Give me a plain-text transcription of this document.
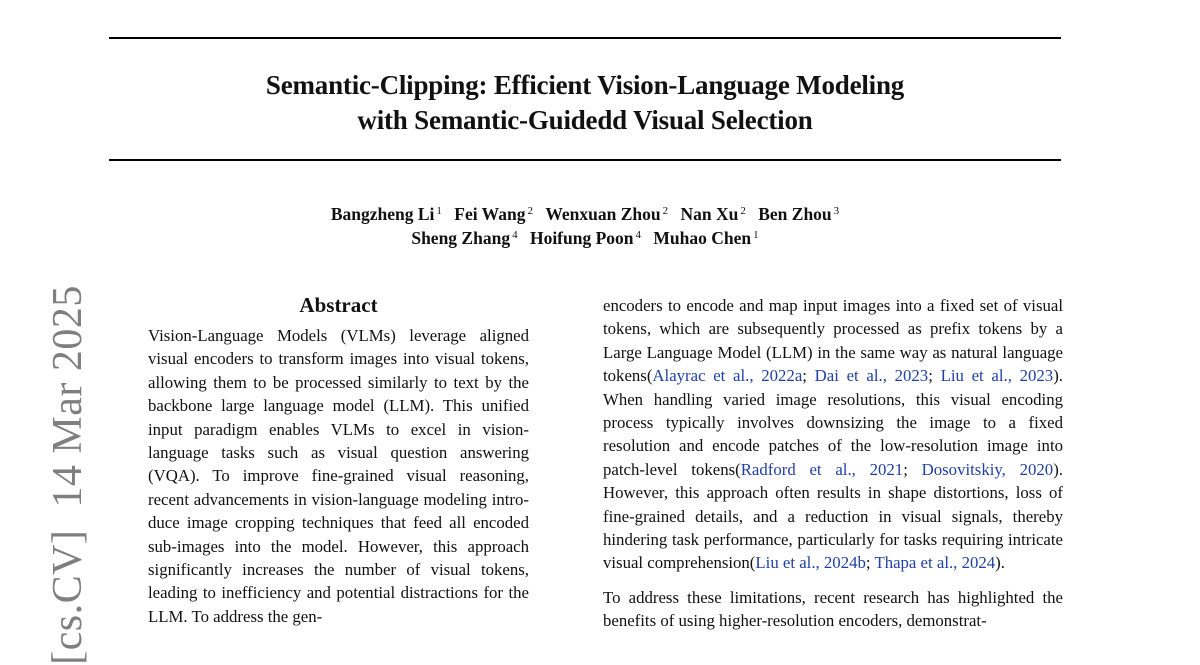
Semantic-Clipping: Efficient Vision-Language Modeling
with Semantic-Guidedd Visual Selection
Bangzheng Li $^1$ Fei Wang $^2$ Wenxuan Zhou $^2$ Nan Xu $^2$ Ben Zhou $^3$
Sheng Zhang $^4$ Hoifung Poon $^4$ Muhao Chen $^1$
[cs.CV]14 Mar 2025	Abstract
Vision-Language Models (VLMs) leverage aligned visual encoders to transform images into visual tokens, allowing them to be processed similarly to text by the backbone large language model (LLM). This unified input paradigm enables VLMs to excel in vision-language tasks such as visual question answering (VQA). To improve fine-grained visual reasoning, recent advancements in vision-language modeling introduce image cropping techniques that feed all encoded sub-images into the model. However, this approach significantly increases the number of visual tokens, leading to inefficiency and potential distractions for the LLM. To address the gen-

encoders to encode and map input images into a fixed set of visual tokens, which are subsequently processed as prefix tokens by a Large Language Model (LLM) in the same way as natural language tokens(Alayrac et al., 2022a; Dai et al., 2023; Liu et al., 2023). When handling varied image resolutions, this visual encoding process typically involves downsizing the image to a fixed resolution and encode patches of the low-resolution image into patch-level tokens(Radford et al., 2021; Dosovitskiy, 2020). However, this approach often results in shape distortions, loss of fine-grained details, and a reduction in visual signals, thereby hindering task performance, particularly for tasks requiring intricate visual comprehension(Liu et al., 2024b; Thapa et al., 2024).

To address these limitations, recent research has highlighted the benefits of using higher-resolution encoders, demonstrat-
